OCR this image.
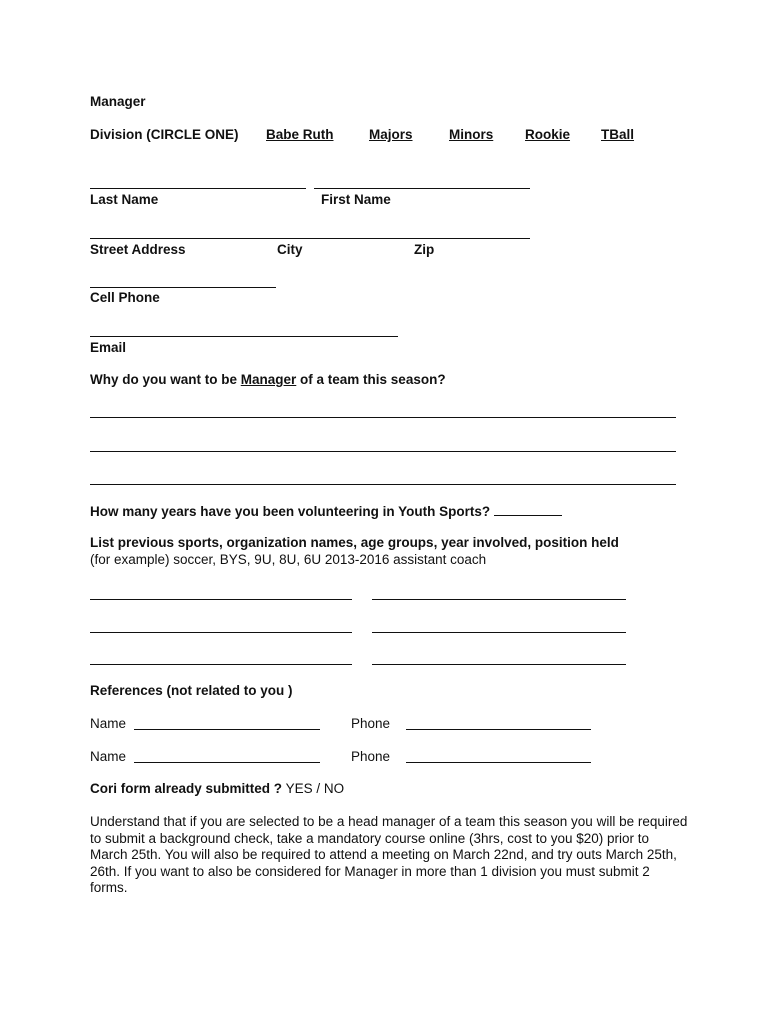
Manager
Division (CIRCLE ONE) Babe Ruth	Majors	Minors Rookie TBall
Last Name	First Name
Street Address	City	Zip
Cell Phone
Email
Why do you want to be Manager of a team this season?
How many years have you been volunteering in Youth Sports?
List previous sports, organization names, age groups, year involved, position held
(for example) soccer, BYS, 9U, 8U, 6U 2013-2016 assistant coach
References (not related to you )
Name	Phone
Name	Phone
Cori form already submitted ? YES / NO
Understand that if you are selected to be a head manager of a team this season you will be required to submit a background check, take a mandatory course online (3hrs, cost to you $20) prior to March 25th. You will also be required to attend a meeting on March 22nd, and try outs March 25th, 26th. If you want to also be considered for Manager in more than 1 division you must submit 2 forms.
